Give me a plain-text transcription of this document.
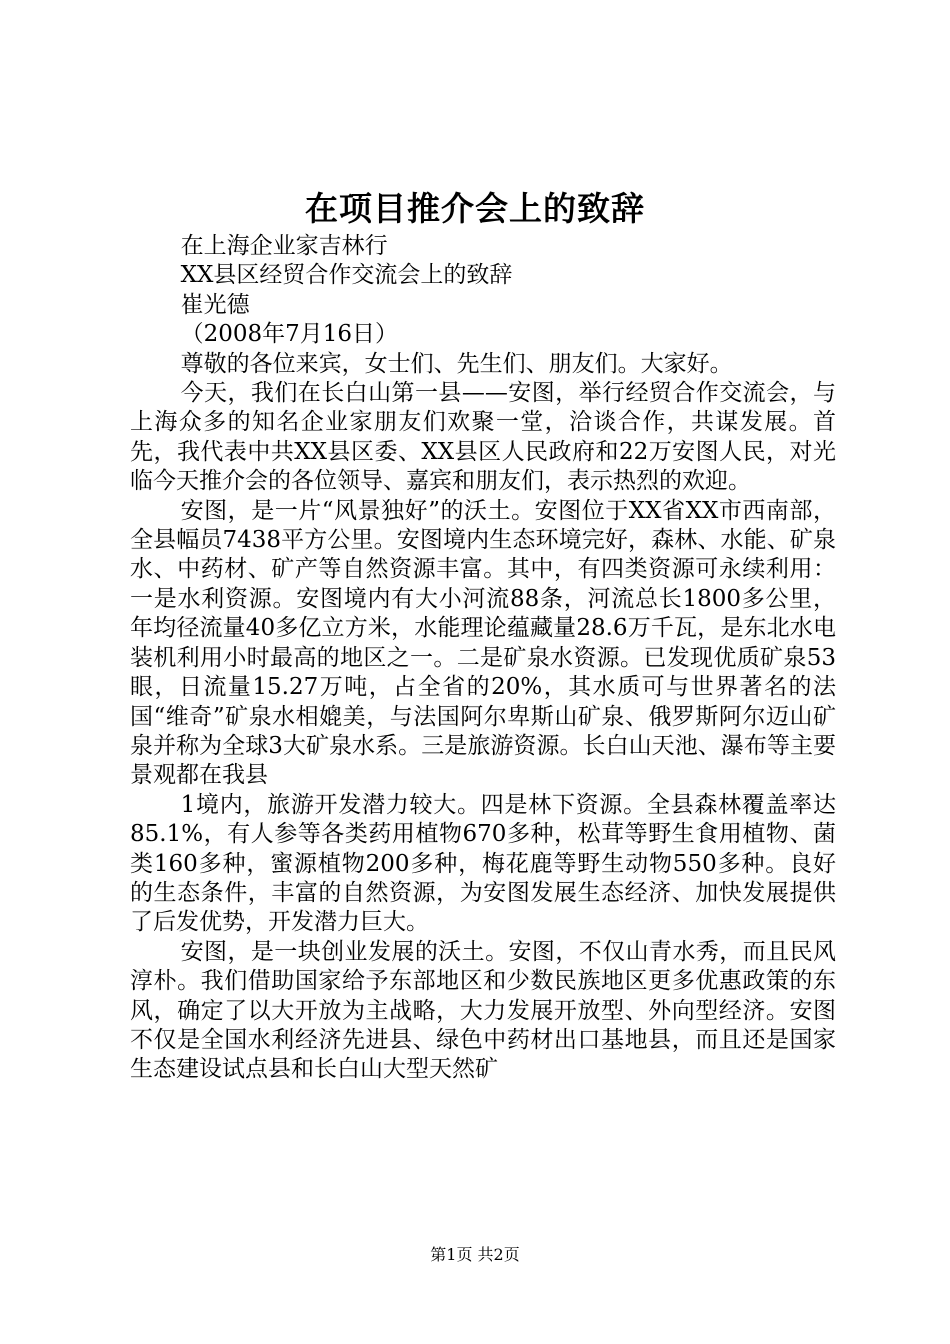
在项目推介会上的致辞

在上海企业家吉林行

XX县区经贸合作交流会上的致辞

崔光德

（2008年7月16日）

尊敬的各位来宾，女士们、先生们、朋友们。大家好。

今天，我们在长白山第一县——安图，举行经贸合作交流会，与上海众多的知名企业家朋友们欢聚一堂，洽谈合作，共谋发展。首先，我代表中共XX县区委、XX县区人民政府和22万安图人民，对光临今天推介会的各位领导、嘉宾和朋友们，表示热烈的欢迎。

安图，是一片“风景独好”的沃土。安图位于XX省XX市西南部，全县幅员7438平方公里。安图境内生态环境完好，森林、水能、矿泉水、中药材、矿产等自然资源丰富。其中，有四类资源可永续利用：一是水利资源。安图境内有大小河流88条，河流总长1800多公里，年均径流量40多亿立方米，水能理论蕴藏量28.6万千瓦，是东北水电装机利用小时最高的地区之一。二是矿泉水资源。已发现优质矿泉53眼，日流量15.27万吨，占全省的20%，其水质可与世界著名的法国“维奇”矿泉水相媲美，与法国阿尔卑斯山矿泉、俄罗斯阿尔迈山矿泉并称为全球3大矿泉水系。三是旅游资源。长白山天池、瀑布等主要景观都在我县

1境内，旅游开发潜力较大。四是林下资源。全县森林覆盖率达85.1%，有人参等各类药用植物670多种，松茸等野生食用植物、菌类160多种，蜜源植物200多种，梅花鹿等野生动物550多种。良好的生态条件，丰富的自然资源，为安图发展生态经济、加快发展提供了后发优势，开发潜力巨大。

安图，是一块创业发展的沃土。安图，不仅山青水秀，而且民风淳朴。我们借助国家给予东部地区和少数民族地区更多优惠政策的东风，确定了以大开放为主战略，大力发展开放型、外向型经济。安图不仅是全国水利经济先进县、绿色中药材出口基地县，而且还是国家生态建设试点县和长白山大型天然矿

第1页 共2页
